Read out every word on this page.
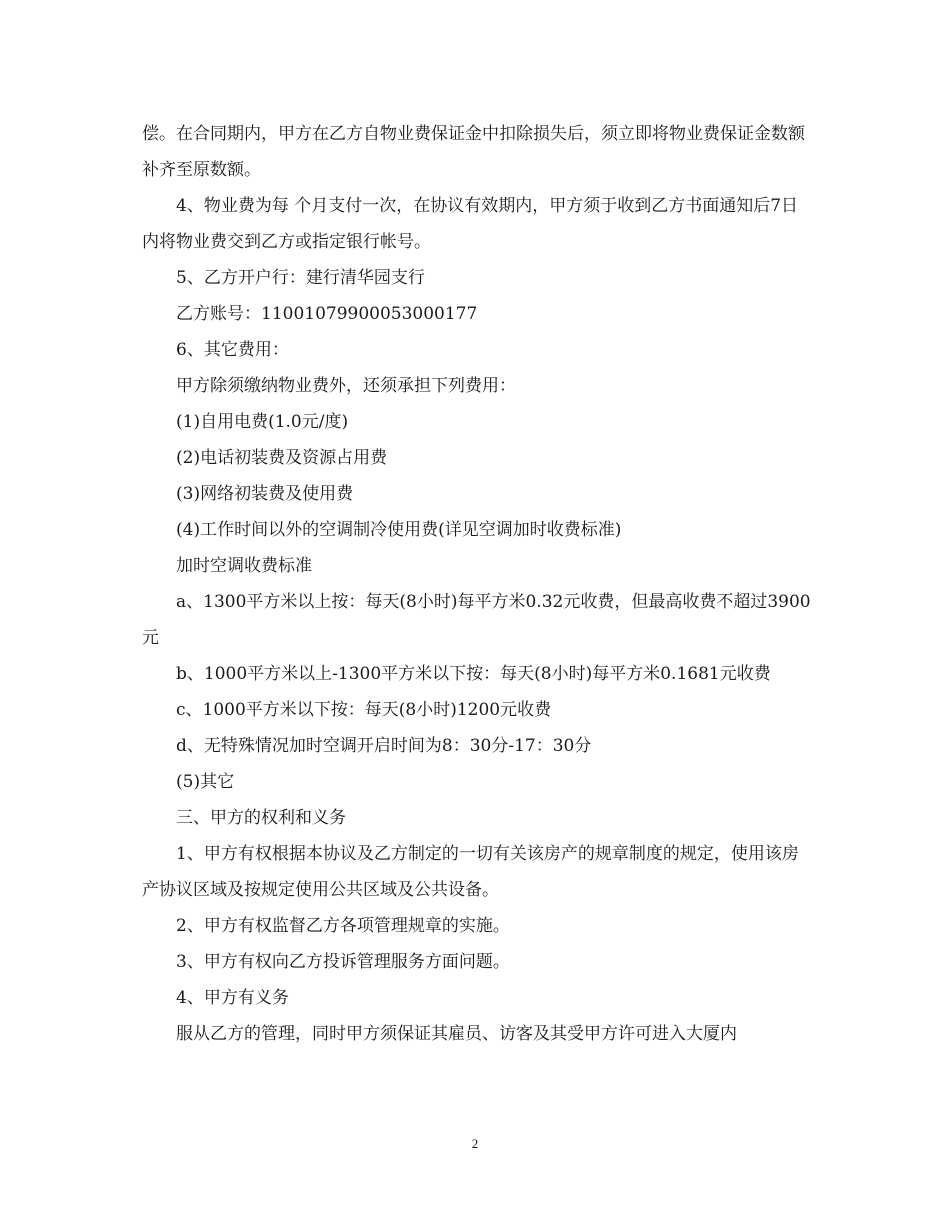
偿。在合同期内，甲方在乙方自物业费保证金中扣除损失后，须立即将物业费保证金数额补齐至原数额。

4、物业费为每 个月支付一次，在协议有效期内，甲方须于收到乙方书面通知后7日内将物业费交到乙方或指定银行帐号。

5、乙方开户行：建行清华园支行

乙方账号：11001079900053000177

6、其它费用：

甲方除须缴纳物业费外，还须承担下列费用：

(1)自用电费(1.0元/度)

(2)电话初装费及资源占用费

(3)网络初装费及使用费

(4)工作时间以外的空调制冷使用费(详见空调加时收费标准)

加时空调收费标准

a、1300平方米以上按：每天(8小时)每平方米0.32元收费，但最高收费不超过3900元

b、1000平方米以上-1300平方米以下按：每天(8小时)每平方米0.1681元收费

c、1000平方米以下按：每天(8小时)1200元收费

d、无特殊情况加时空调开启时间为8：30分-17：30分

(5)其它

三、甲方的权利和义务

1、甲方有权根据本协议及乙方制定的一切有关该房产的规章制度的规定，使用该房产协议区域及按规定使用公共区域及公共设备。

2、甲方有权监督乙方各项管理规章的实施。

3、甲方有权向乙方投诉管理服务方面问题。

4、甲方有义务

服从乙方的管理，同时甲方须保证其雇员、访客及其受甲方许可进入大厦内

2
